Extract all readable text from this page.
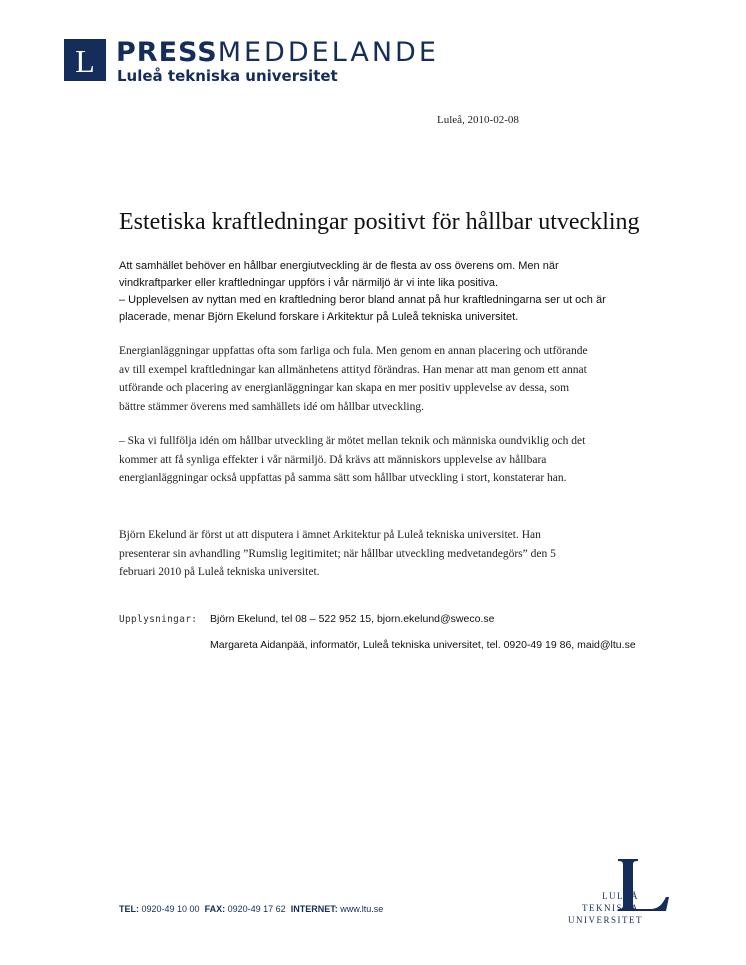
L PRESSMEDDELANDE
Luleå tekniska universitet
Luleå, 2010-02-08
Estetiska kraftledningar positivt för hållbar utveckling
Att samhället behöver en hållbar energiutveckling är de flesta av oss överens om. Men när
vindkraftparker eller kraftledningar uppförs i vår närmiljö är vi inte lika positiva.
– Upplevelsen av nyttan med en kraftledning beror bland annat på hur kraftledningarna ser ut och är
placerade, menar Björn Ekelund forskare i Arkitektur på Luleå tekniska universitet.
Energianläggningar uppfattas ofta som farliga och fula. Men genom en annan placering och utförande
av till exempel kraftledningar kan allmänhetens attityd förändras. Han menar att man genom ett annat
utförande och placering av energianläggningar kan skapa en mer positiv upplevelse av dessa, som
bättre stämmer överens med samhällets idé om hållbar utveckling.
– Ska vi fullfölja idén om hållbar utveckling är mötet mellan teknik och människa oundviklig och det
kommer att få synliga effekter i vår närmiljö. Då krävs att människors upplevelse av hållbara
energianläggningar också uppfattas på samma sätt som hållbar utveckling i stort, konstaterar han.
Björn Ekelund är först ut att disputera i ämnet Arkitektur på Luleå tekniska universitet. Han
presenterar sin avhandling ”Rumslig legitimitet; när hållbar utveckling medvetandegörs” den 5
februari 2010 på Luleå tekniska universitet.
Upplysningar: Björn Ekelund, tel 08 – 522 952 15, bjorn.ekelund@sweco.se
Margareta Aidanpää, informatör, Luleå tekniska universitet, tel. 0920-49 19 86, maid@ltu.se
TEL: 0920-49 10 00 FAX: 0920-49 17 62 INTERNET: www.ltu.se
LULEÅ
TEKNISKA
UNIVERSITET
